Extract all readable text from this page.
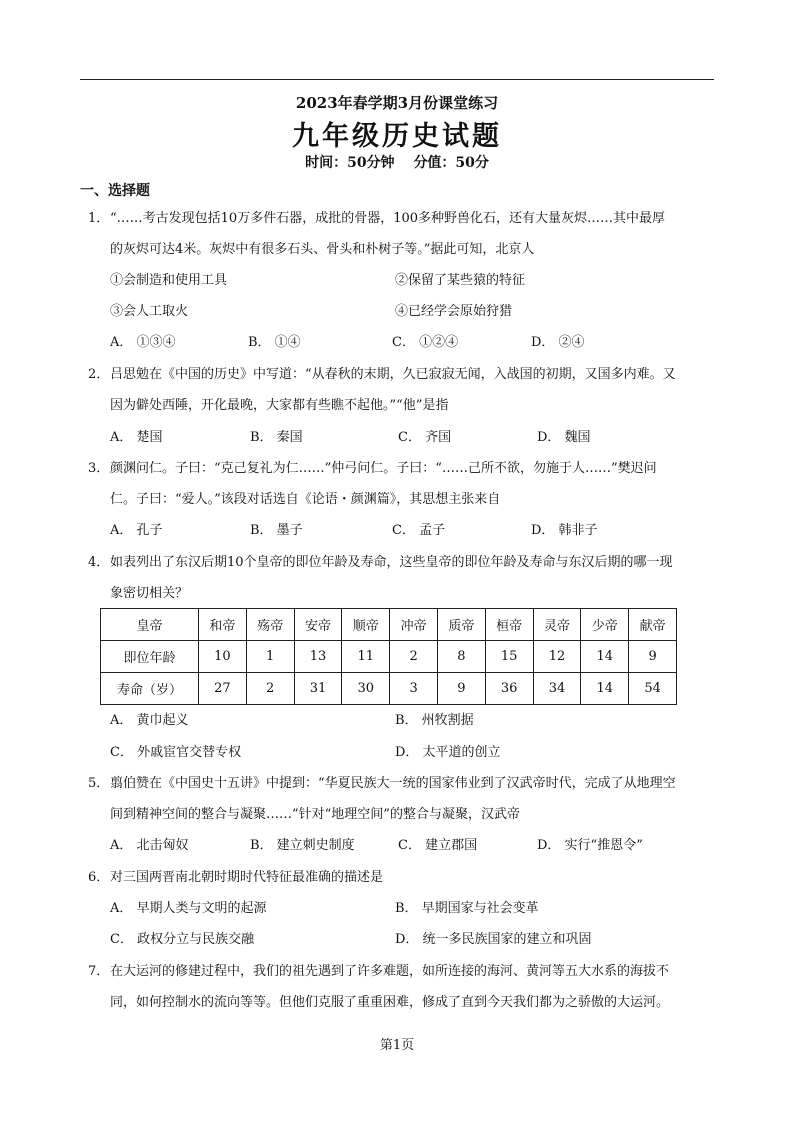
2023年春学期3月份课堂练习
九年级历史试题
时间：50分钟 分值：50分
一、选择题
1．“……考古发现包括10万多件石器，成批的骨器，100多种野兽化石，还有大量灰烬……其中最厚
的灰烬可达4米。灰烬中有很多石头、骨头和朴树子等。”据此可知，北京人
①会制造和使用工具	②保留了某些猿的特征
③会人工取火	④已经学会原始狩猎
A． ①③④	B． ①④	C． ①②④	D． ②④
2．吕思勉在《中国的历史》中写道：“从春秋的末期，久已寂寂无闻，入战国的初期，又国多内难。又
因为僻处西陲，开化最晚，大家都有些瞧不起他。”“他”是指
A． 楚国	B． 秦国	C． 齐国	D． 魏国
3．颜渊问仁。子曰：“克己复礼为仁……”仲弓问仁。子曰：“……己所不欲，勿施于人……”樊迟问
仁。子曰：“爱人。”该段对话选自《论语・颜渊篇》，其思想主张来自
A． 孔子	B． 墨子	C． 孟子	D． 韩非子
4．如表列出了东汉后期10个皇帝的即位年龄及寿命，这些皇帝的即位年龄及寿命与东汉后期的哪一现
象密切相关？
皇帝	和帝	殇帝	安帝	顺帝	冲帝	质帝	桓帝	灵帝	少帝	献帝
即位年龄	10	1	13	11	2	8	15	12	14	9
寿命（岁）	27	2	31	30	3	9	36	34	14	54
A． 黄巾起义	B． 州牧割据
C． 外戚宦官交替专权	D． 太平道的创立
5．翦伯赞在《中国史十五讲》中提到：“华夏民族大一统的国家伟业到了汉武帝时代，完成了从地理空
间到精神空间的整合与凝聚……”针对“地理空间”的整合与凝聚，汉武帝
A． 北击匈奴	B． 建立刺史制度	C． 建立郡国	D． 实行“推恩令”
6．对三国两晋南北朝时期时代特征最准确的描述是
A． 早期人类与文明的起源	B． 早期国家与社会变革
C． 政权分立与民族交融	D． 统一多民族国家的建立和巩固
7．在大运河的修建过程中，我们的祖先遇到了许多难题，如所连接的海河、黄河等五大水系的海拔不
同，如何控制水的流向等等。但他们克服了重重困难，修成了直到今天我们都为之骄傲的大运河。
第1页
